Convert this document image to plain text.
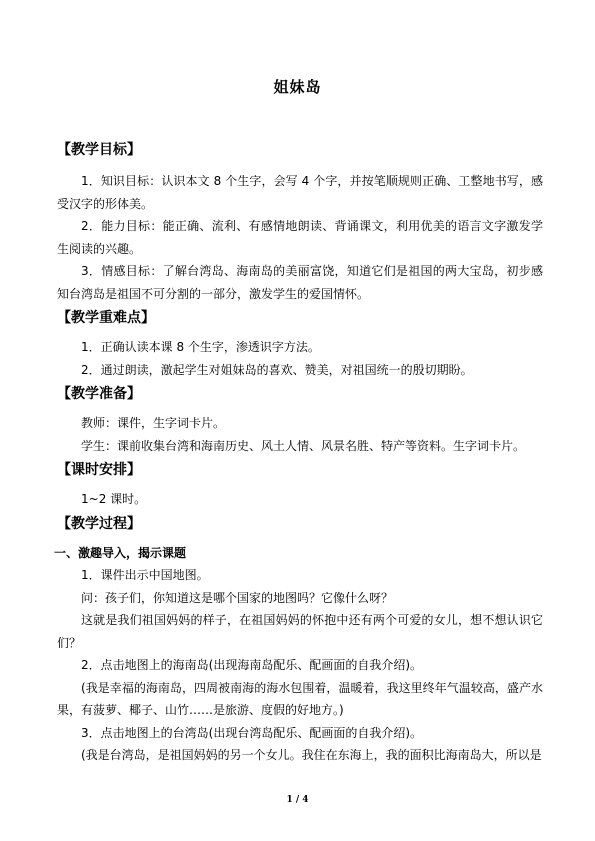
姐妹岛

【教学目标】

1．知识目标：认识本文 8 个生字，会写 4 个字，并按笔顺规则正确、工整地书写，感受汉字的形体美。

2．能力目标：能正确、流利、有感情地朗读、背诵课文，利用优美的语言文字激发学生阅读的兴趣。

3．情感目标：了解台湾岛、海南岛的美丽富饶，知道它们是祖国的两大宝岛，初步感知台湾岛是祖国不可分割的一部分，激发学生的爱国情怀。

【教学重难点】

1．正确认读本课 8 个生字，渗透识字方法。

2．通过朗读，激起学生对姐妹岛的喜欢、赞美，对祖国统一的殷切期盼。

【教学准备】

教师：课件，生字词卡片。

学生：课前收集台湾和海南历史、风土人情、风景名胜、特产等资料。生字词卡片。

【课时安排】

1~2 课时。

【教学过程】

一、激趣导入，揭示课题

1．课件出示中国地图。

问：孩子们，你知道这是哪个国家的地图吗？它像什么呀？

这就是我们祖国妈妈的样子，在祖国妈妈的怀抱中还有两个可爱的女儿，想不想认识它们？

2．点击地图上的海南岛(出现海南岛配乐、配画面的自我介绍)。

(我是幸福的海南岛，四周被南海的海水包围着，温暖着，我这里终年气温较高，盛产水果，有菠萝、椰子、山竹……是旅游、度假的好地方。)

3．点击地图上的台湾岛(出现台湾岛配乐、配画面的自我介绍)。

(我是台湾岛，是祖国妈妈的另一个女儿。我住在东海上，我的面积比海南岛大，所以是

1 / 4
